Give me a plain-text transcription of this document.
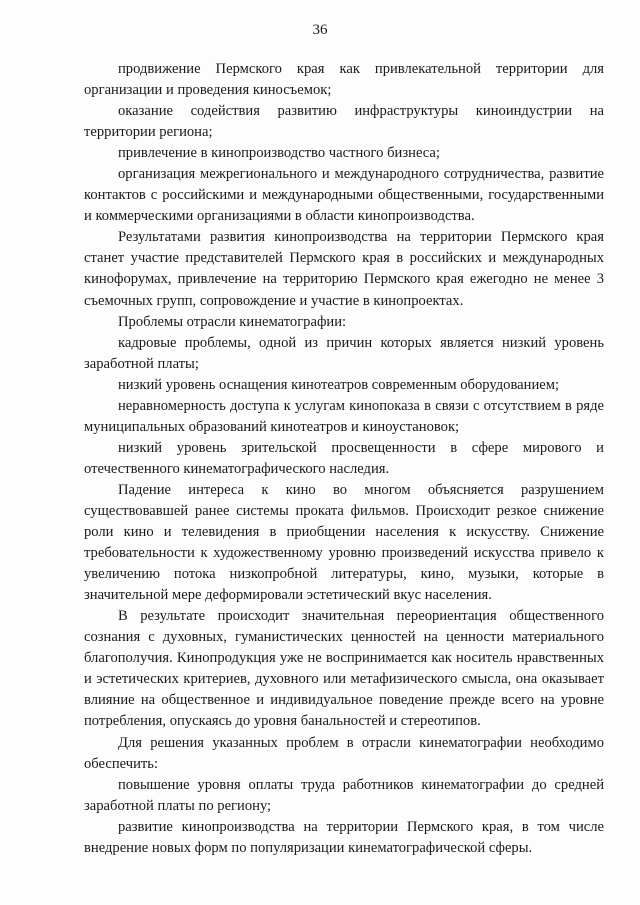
36

продвижение Пермского края как привлекательной территории для организации и проведения киносъемок;

оказание содействия развитию инфраструктуры киноиндустрии на территории региона;

привлечение в кинопроизводство частного бизнеса;

организация межрегионального и международного сотрудничества, развитие контактов с российскими и международными общественными, государственными и коммерческими организациями в области кинопроизводства.

Результатами развития кинопроизводства на территории Пермского края станет участие представителей Пермского края в российских и международных кинофорумах, привлечение на территорию Пермского края ежегодно не менее 3 съемочных групп, сопровождение и участие в кинопроектах.

Проблемы отрасли кинематографии:

кадровые проблемы, одной из причин которых является низкий уровень заработной платы;

низкий уровень оснащения кинотеатров современным оборудованием;

неравномерность доступа к услугам кинопоказа в связи с отсутствием в ряде муниципальных образований кинотеатров и киноустановок;

низкий уровень зрительской просвещенности в сфере мирового и отечественного кинематографического наследия.

Падение интереса к кино во многом объясняется разрушением существовавшей ранее системы проката фильмов. Происходит резкое снижение роли кино и телевидения в приобщении населения к искусству. Снижение требовательности к художественному уровню произведений искусства привело к увеличению потока низкопробной литературы, кино, музыки, которые в значительной мере деформировали эстетический вкус населения.

В результате происходит значительная переориентация общественного сознания с духовных, гуманистических ценностей на ценности материального благополучия. Кинопродукция уже не воспринимается как носитель нравственных и эстетических критериев, духовного или метафизического смысла, она оказывает влияние на общественное и индивидуальное поведение прежде всего на уровне потребления, опускаясь до уровня банальностей и стереотипов.

Для решения указанных проблем в отрасли кинематографии необходимо обеспечить:

повышение уровня оплаты труда работников кинематографии до средней заработной платы по региону;

развитие кинопроизводства на территории Пермского края, в том числе внедрение новых форм по популяризации кинематографической сферы.
